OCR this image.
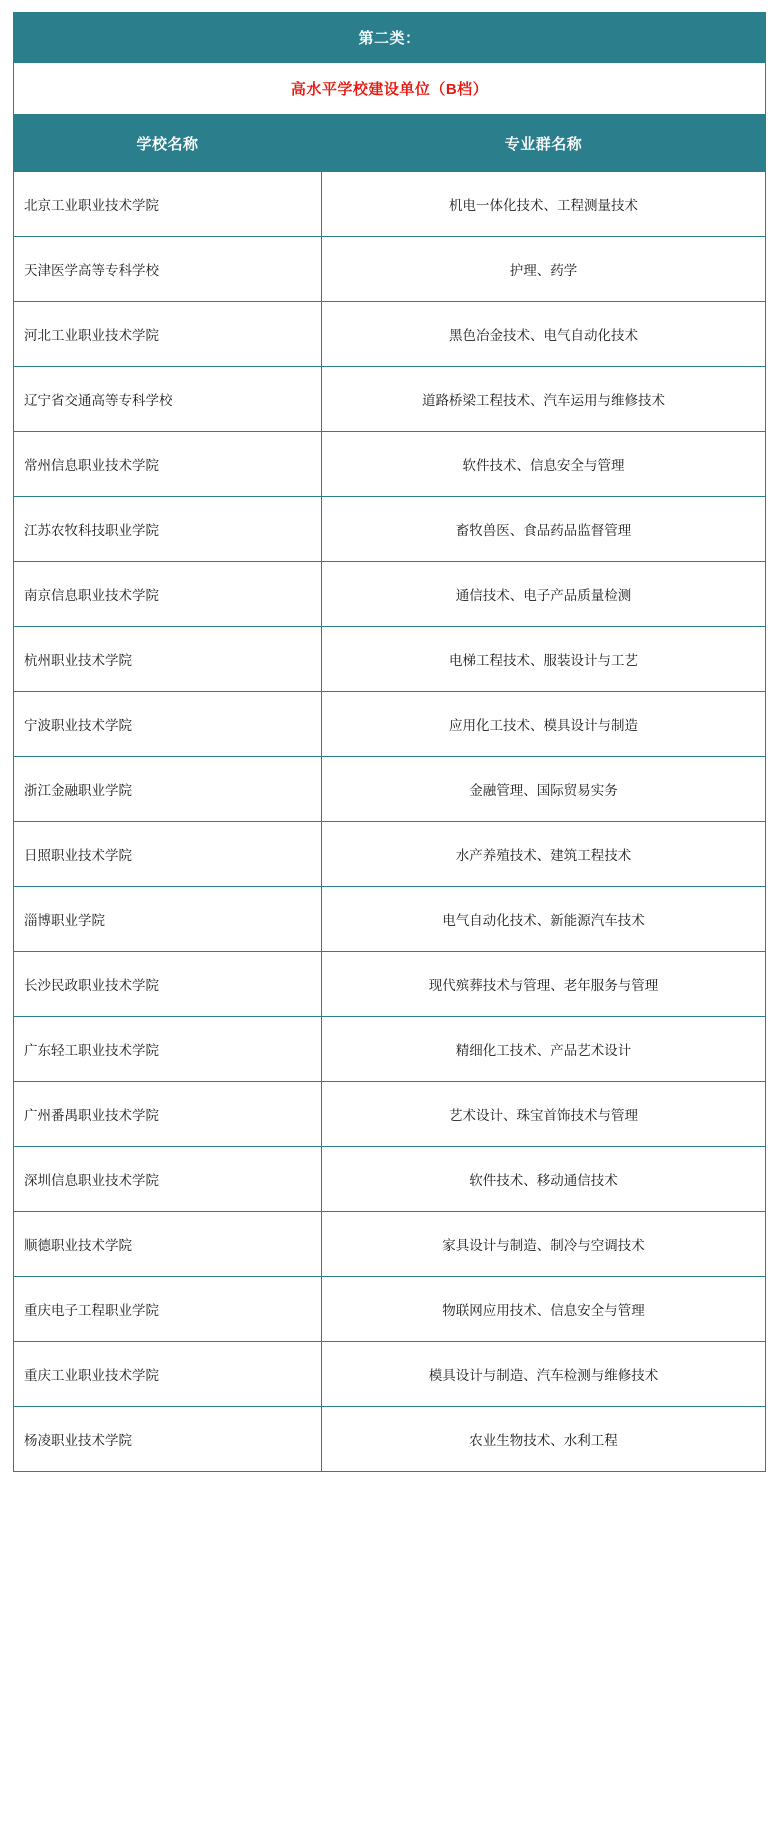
第二类：	
高水平学校建设单位（B档）	
学校名称	专业群名称
北京工业职业技术学院	机电一体化技术、工程测量技术
天津医学高等专科学校	护理、药学
河北工业职业技术学院	黑色冶金技术、电气自动化技术
辽宁省交通高等专科学校	道路桥梁工程技术、汽车运用与维修技术
常州信息职业技术学院	软件技术、信息安全与管理
江苏农牧科技职业学院	畜牧兽医、食品药品监督管理
南京信息职业技术学院	通信技术、电子产品质量检测
杭州职业技术学院	电梯工程技术、服装设计与工艺
宁波职业技术学院	应用化工技术、模具设计与制造
浙江金融职业学院	金融管理、国际贸易实务
日照职业技术学院	水产养殖技术、建筑工程技术
淄博职业学院	电气自动化技术、新能源汽车技术
长沙民政职业技术学院	现代殡葬技术与管理、老年服务与管理
广东轻工职业技术学院	精细化工技术、产品艺术设计
广州番禺职业技术学院	艺术设计、珠宝首饰技术与管理
深圳信息职业技术学院	软件技术、移动通信技术
顺德职业技术学院	家具设计与制造、制冷与空调技术
重庆电子工程职业学院	物联网应用技术、信息安全与管理
重庆工业职业技术学院	模具设计与制造、汽车检测与维修技术
杨凌职业技术学院	农业生物技术、水利工程
